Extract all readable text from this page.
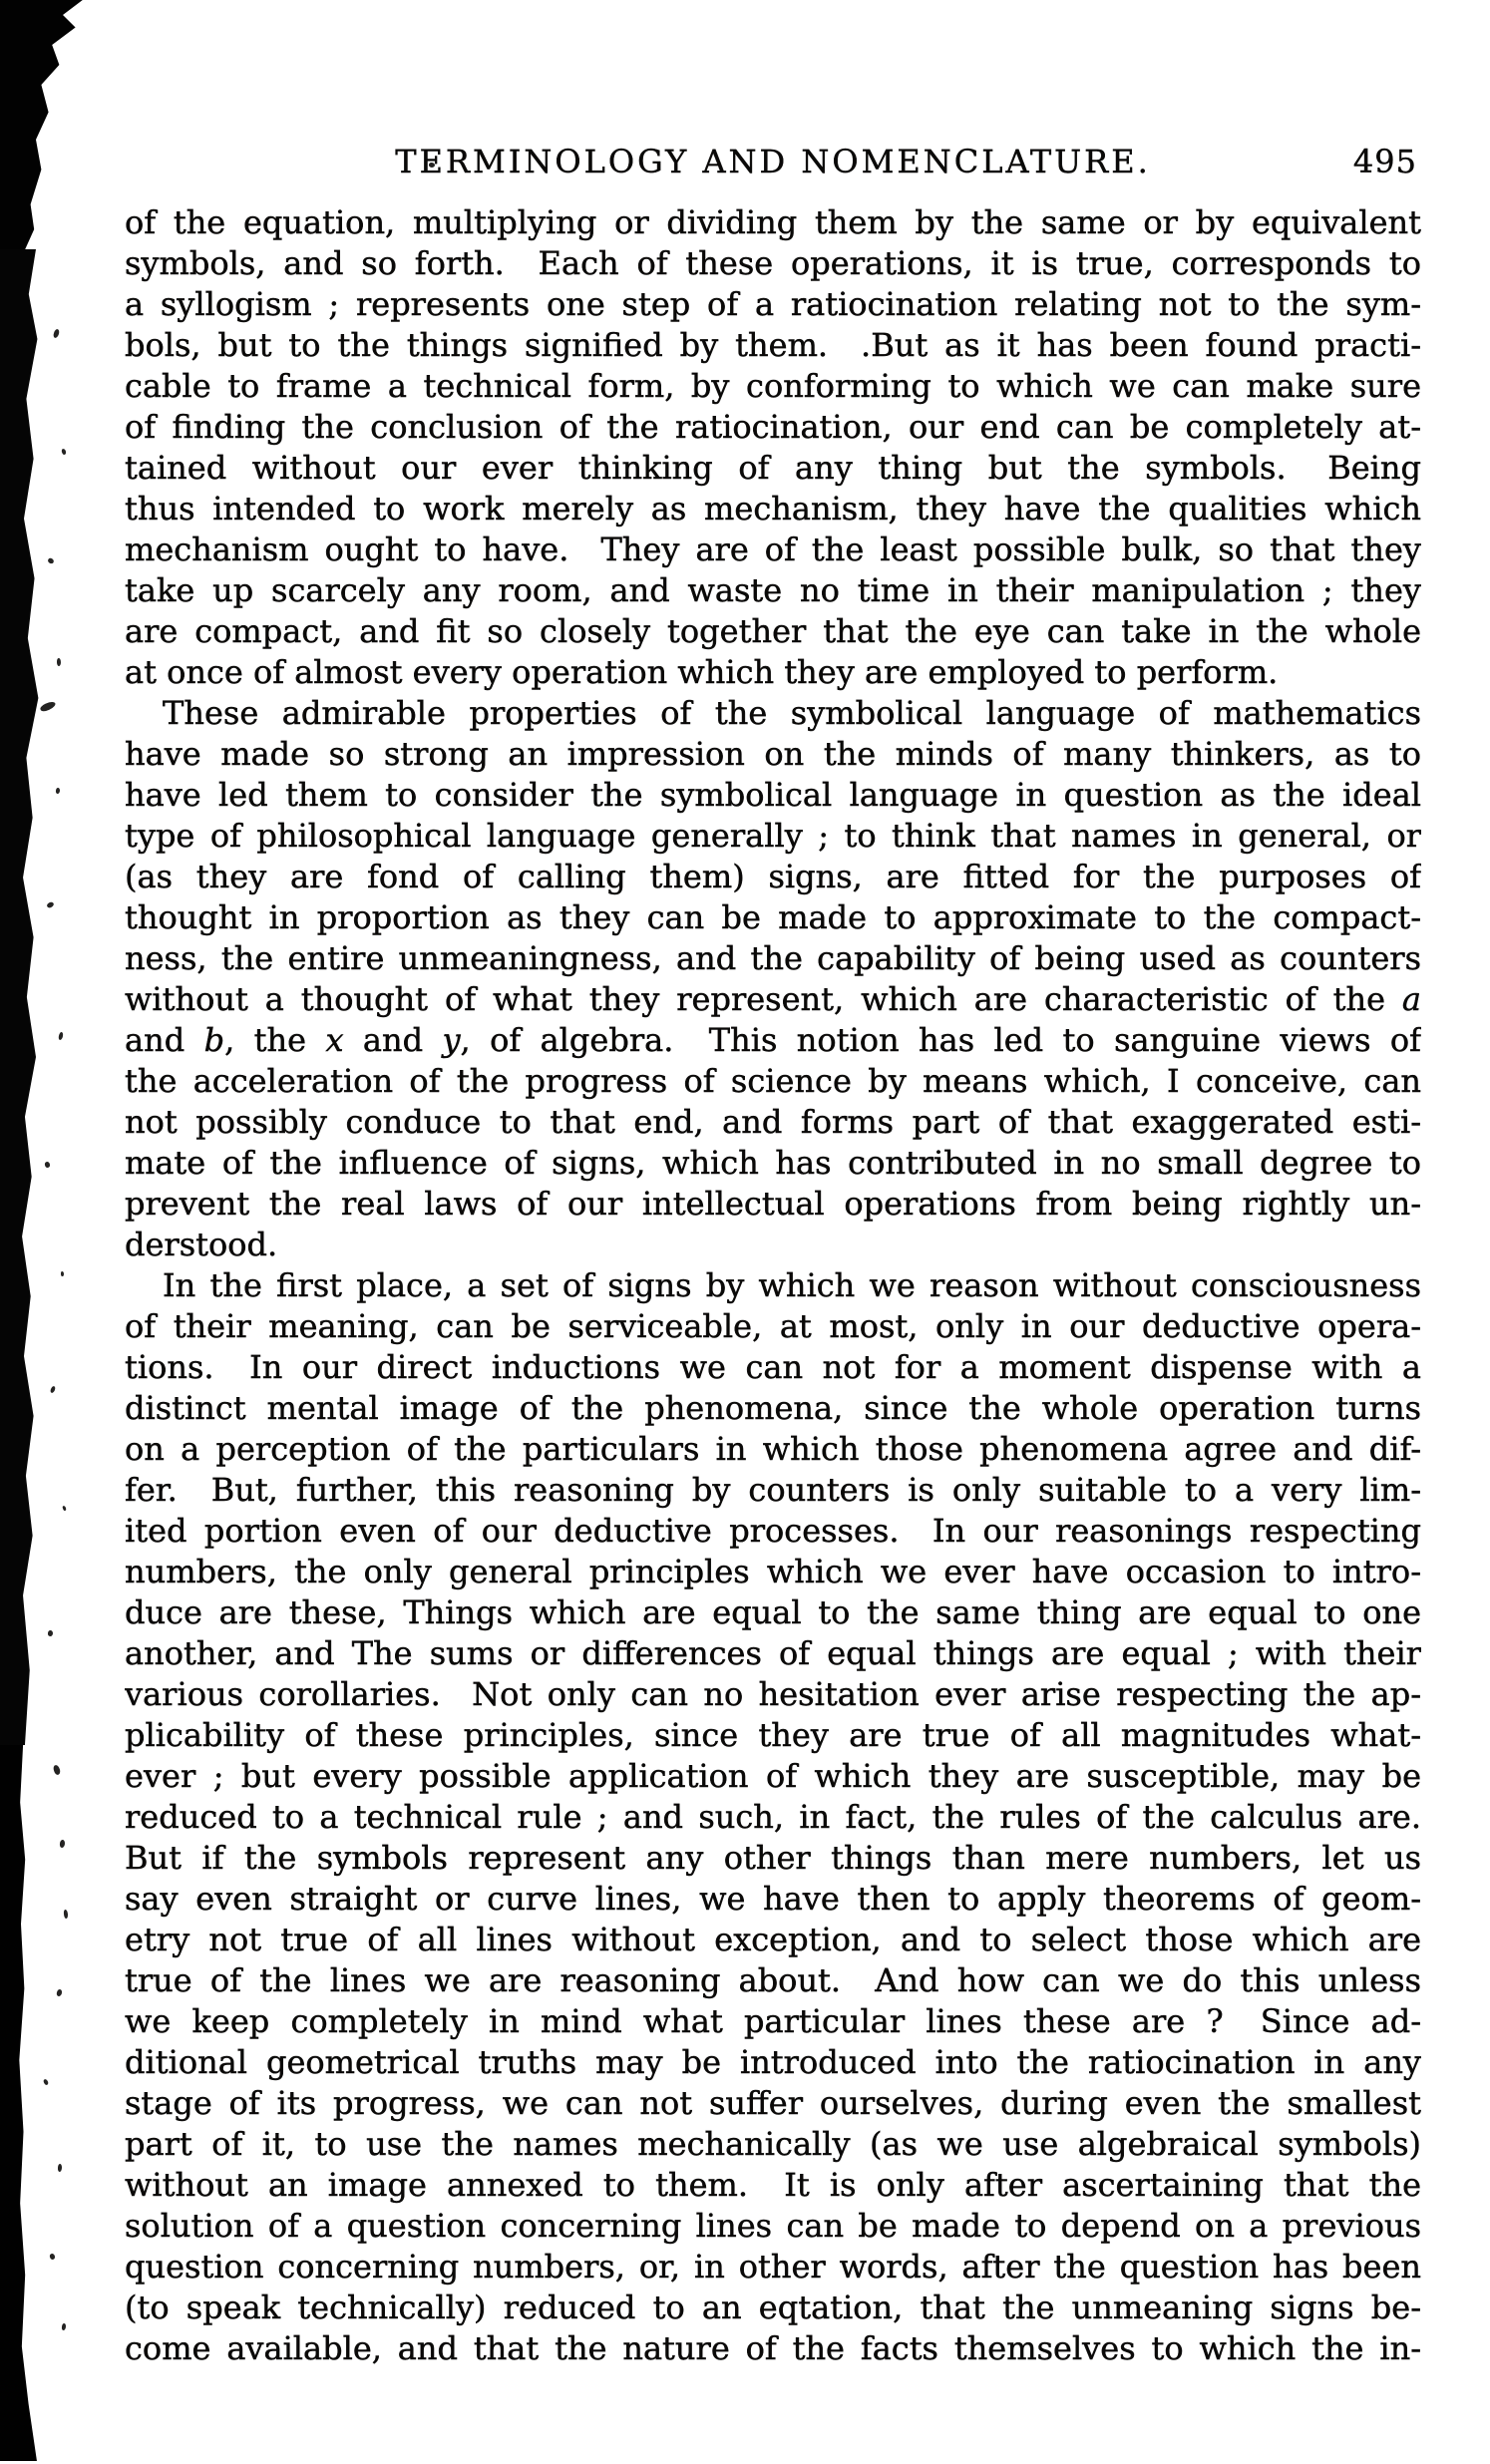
TERMINOLOGY AND NOMENCLATURE.	495
of the equation, multiplying or dividing them by the same or by equivalent
symbols, and so forth.  Each of these operations, it is true, corresponds to
a syllogism ; represents one step of a ratiocination relating not to the sym-
bols, but to the things signified by them.  .But as it has been found practi-
cable to frame a technical form, by conforming to which we can make sure
of finding the conclusion of the ratiocination, our end can be completely at-
tained without our ever thinking of any thing but the symbols.  Being
thus intended to work merely as mechanism, they have the qualities which
mechanism ought to have.  They are of the least possible bulk, so that they
take up scarcely any room, and waste no time in their manipulation ; they
are compact, and fit so closely together that the eye can take in the whole
at once of almost every operation which they are employed to perform.
These admirable properties of the symbolical language of mathematics
have made so strong an impression on the minds of many thinkers, as to
have led them to consider the symbolical language in question as the ideal
type of philosophical language generally ; to think that names in general, or
(as they are fond of calling them) signs, are fitted for the purposes of
thought in proportion as they can be made to approximate to the compact-
ness, the entire unmeaningness, and the capability of being used as counters
without a thought of what they represent, which are characteristic of the a
and b, the x and y, of algebra.  This notion has led to sanguine views of
the acceleration of the progress of science by means which, I conceive, can
not possibly conduce to that end, and forms part of that exaggerated esti-
mate of the influence of signs, which has contributed in no small degree to
prevent the real laws of our intellectual operations from being rightly un-
derstood.
In the first place, a set of signs by which we reason without consciousness
of their meaning, can be serviceable, at most, only in our deductive opera-
tions.  In our direct inductions we can not for a moment dispense with a
distinct mental image of the phenomena, since the whole operation turns
on a perception of the particulars in which those phenomena agree and dif-
fer.  But, further, this reasoning by counters is only suitable to a very lim-
ited portion even of our deductive processes.  In our reasonings respecting
numbers, the only general principles which we ever have occasion to intro-
duce are these, Things which are equal to the same thing are equal to one
another, and The sums or differences of equal things are equal ; with their
various corollaries.  Not only can no hesitation ever arise respecting the ap-
plicability of these principles, since they are true of all magnitudes what-
ever ; but every possible application of which they are susceptible, may be
reduced to a technical rule ; and such, in fact, the rules of the calculus are.
But if the symbols represent any other things than mere numbers, let us
say even straight or curve lines, we have then to apply theorems of geom-
etry not true of all lines without exception, and to select those which are
true of the lines we are reasoning about.  And how can we do this unless
we keep completely in mind what particular lines these are ?  Since ad-
ditional geometrical truths may be introduced into the ratiocination in any
stage of its progress, we can not suffer ourselves, during even the smallest
part of it, to use the names mechanically (as we use algebraical symbols)
without an image annexed to them.  It is only after ascertaining that the
solution of a question concerning lines can be made to depend on a previous
question concerning numbers, or, in other words, after the question has been
(to speak technically) reduced to an eqtation, that the unmeaning signs be-
come available, and that the nature of the facts themselves to which the in-
